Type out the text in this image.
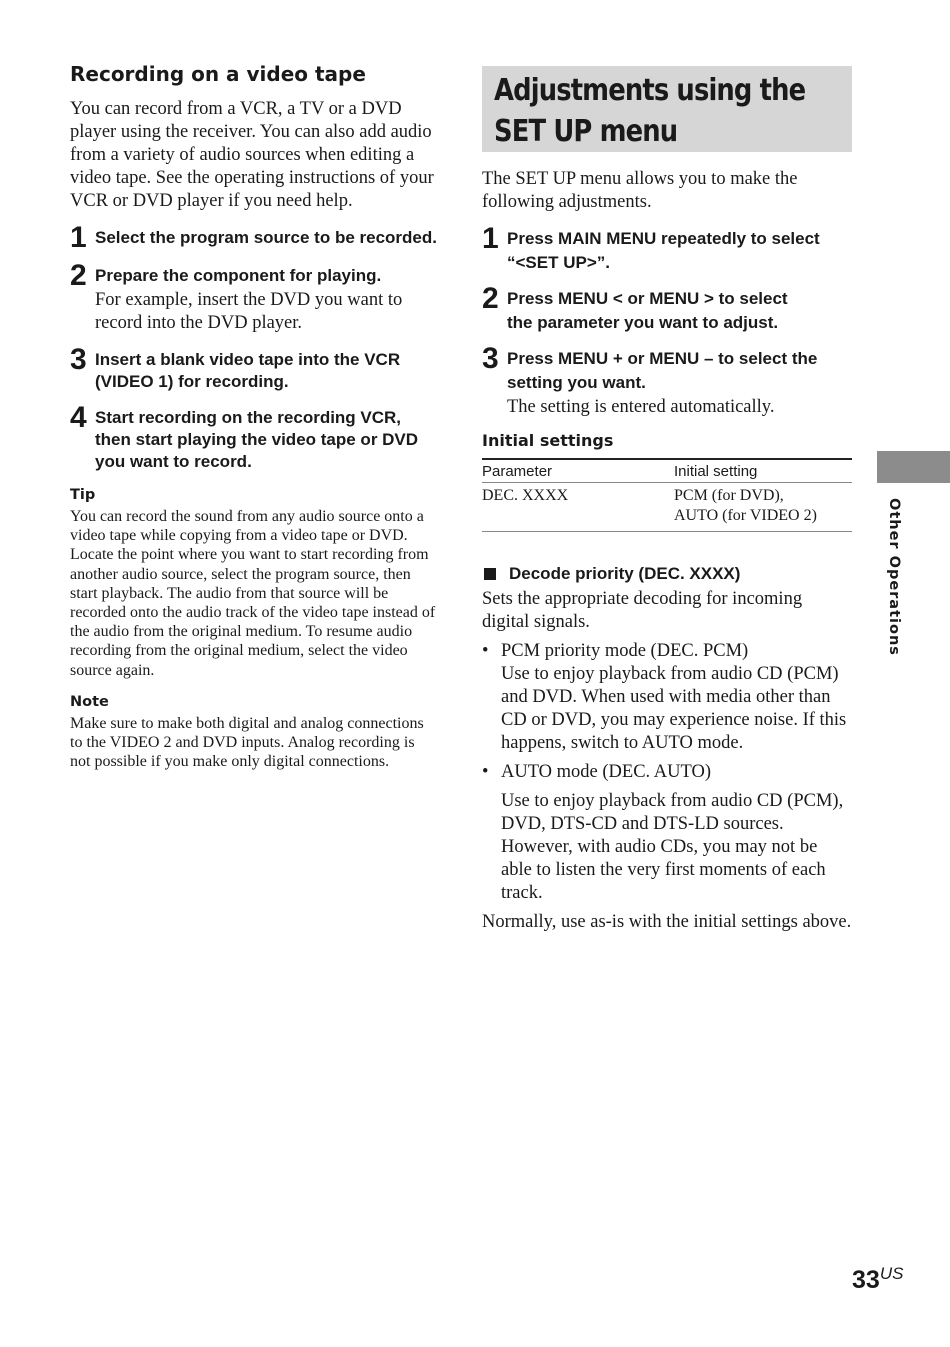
Recording on a video tape

You can record from a VCR, a TV or a DVD player using the receiver. You can also add audio from a variety of audio sources when editing a video tape. See the operating instructions of your VCR or DVD player if you need help.

1 Select the program source to be recorded.
2 Prepare the component for playing.
For example, insert the DVD you want to record into the DVD player.
3 Insert a blank video tape into the VCR (VIDEO 1) for recording.
4 Start recording on the recording VCR, then start playing the video tape or DVD you want to record.
Tip

You can record the sound from any audio source onto a video tape while copying from a video tape or DVD. Locate the point where you want to start recording from another audio source, select the program source, then start playback. The audio from that source will be recorded onto the audio track of the video tape instead of the audio from the original medium. To resume audio recording from the original medium, select the video source again.

Note

Make sure to make both digital and analog connections to the VIDEO 2 and DVD inputs. Analog recording is not possible if you make only digital connections.

Adjustments using the
SET UP menu

The SET UP menu allows you to make the following adjustments.

1 Press MAIN MENU repeatedly to select
“<SET UP>”.
2 Press MENU < or MENU > to select
the parameter you want to adjust.
3 Press MENU + or MENU – to select the
setting you want.
The setting is entered automatically.
Initial settings
Parameter	Initial setting
DEC. XXXX	PCM (for DVD),
AUTO (for VIDEO 2)
Decode priority (DEC. XXXX)

Sets the appropriate decoding for incoming digital signals.

• PCM priority mode (DEC. PCM)
Use to enjoy playback from audio CD (PCM) and DVD. When used with media other than CD or DVD, you may experience noise. If this happens, switch to AUTO mode.
• AUTO mode (DEC. AUTO)
Use to enjoy playback from audio CD (PCM), DVD, DTS-CD and DTS-LD sources. However, with audio CDs, you may not be able to listen the very first moments of each track.

Normally, use as-is with the initial settings above.

Other Operations
33US
